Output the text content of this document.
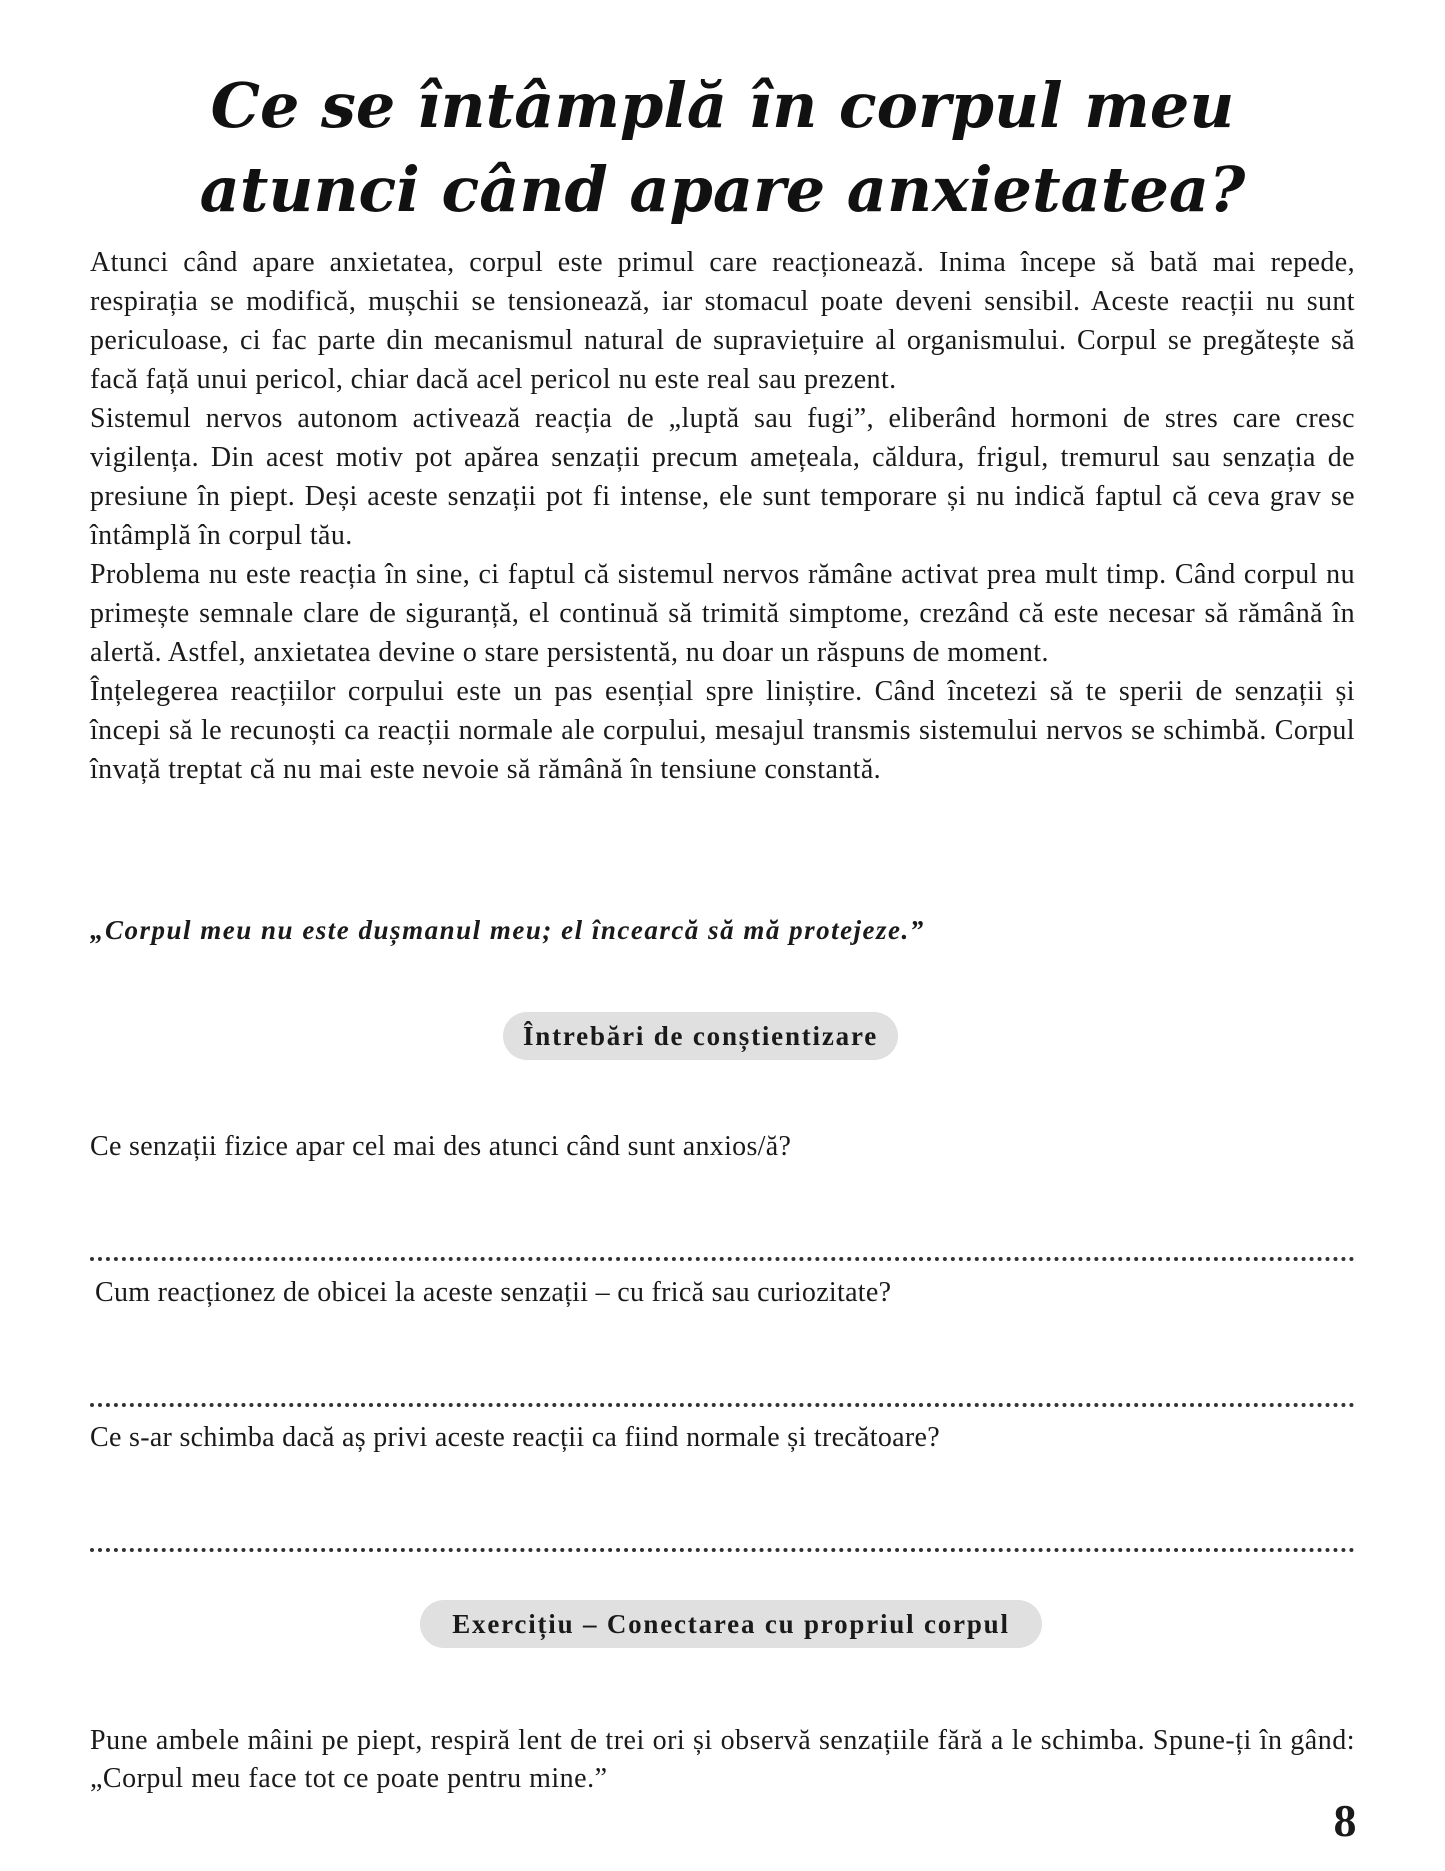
Ce se întâmplă în corpul meu atunci când apare anxietatea?

Atunci când apare anxietatea, corpul este primul care reacționează. Inima începe să bată mai repede, respirația se modifică, mușchii se tensionează, iar stomacul poate deveni sensibil. Aceste reacții nu sunt periculoase, ci fac parte din mecanismul natural de supraviețuire al organismului. Corpul se pregătește să facă față unui pericol, chiar dacă acel pericol nu este real sau prezent.

Sistemul nervos autonom activează reacția de „luptă sau fugi”, eliberând hormoni de stres care cresc vigilența. Din acest motiv pot apărea senzații precum amețeala, căldura, frigul, tremurul sau senzația de presiune în piept. Deși aceste senzații pot fi intense, ele sunt temporare și nu indică faptul că ceva grav se întâmplă în corpul tău.

Problema nu este reacția în sine, ci faptul că sistemul nervos rămâne activat prea mult timp. Când corpul nu primește semnale clare de siguranță, el continuă să trimită simptome, crezând că este necesar să rămână în alertă. Astfel, anxietatea devine o stare persistentă, nu doar un răspuns de moment.

Înțelegerea reacțiilor corpului este un pas esențial spre liniștire. Când încetezi să te sperii de senzații și începi să le recunoști ca reacții normale ale corpului, mesajul transmis sistemului nervos se schimbă. Corpul învață treptat că nu mai este nevoie să rămână în tensiune constantă.

„Corpul meu nu este dușmanul meu; el încearcă să mă protejeze.”

Întrebări de conștientizare

Ce senzații fizice apar cel mai des atunci când sunt anxios/ă?

Cum reacționez de obicei la aceste senzații – cu frică sau curiozitate?

Ce s-ar schimba dacă aș privi aceste reacții ca fiind normale și trecătoare?

Exercițiu – Conectarea cu propriul corpul

Pune ambele mâini pe piept, respiră lent de trei ori și observă senzațiile fără a le schimba. Spune-ți în gând: „Corpul meu face tot ce poate pentru mine.”

8
